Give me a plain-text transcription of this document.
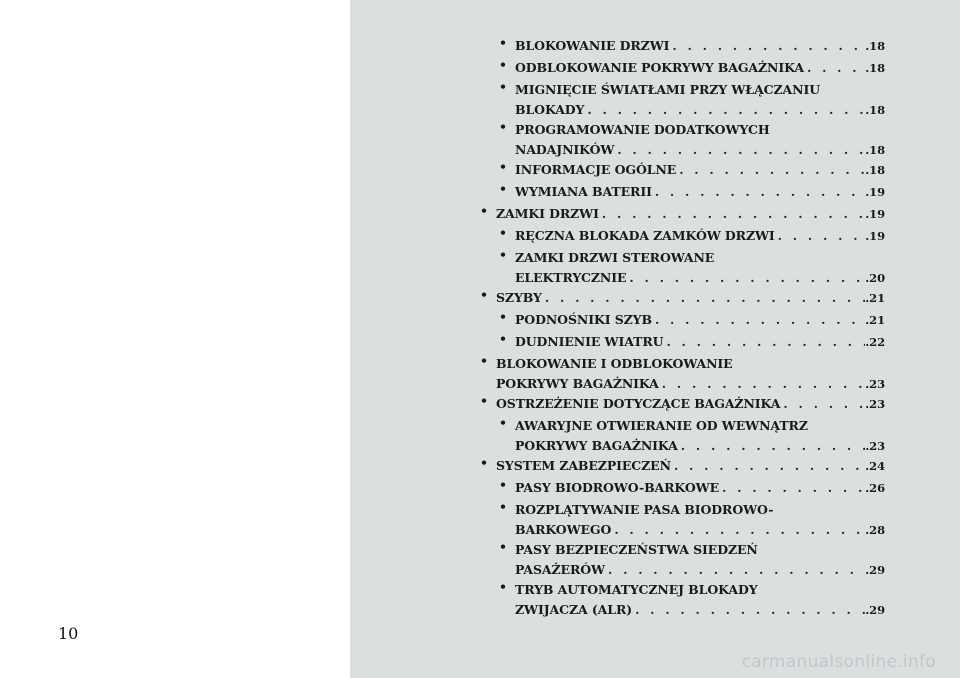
10
• BLOKOWANIE DRZWI . . .	.18
• ODBLOKOWANIE POKRYWY BAGAŻNIKA . . .	.18
• MIGNIĘCIE ŚWIATŁAMI PRZY WŁĄCZANIU
BLOKADY . . .	.18
• PROGRAMOWANIE DODATKOWYCH
NADAJNIKÓW . . .	.18
• INFORMACJE OGÓLNE . . .	.18
• WYMIANA BATERII . . .	.19
• ZAMKI DRZWI . . .	.19
• RĘCZNA BLOKADA ZAMKÓW DRZWI . . .	.19
• ZAMKI DRZWI STEROWANE
ELEKTRYCZNIE . . .	.20
• SZYBY . . .	.21
• PODNOŚNIKI SZYB . . .	.21
• DUDNIENIE WIATRU . . .	.22
• BLOKOWANIE I ODBLOKOWANIE
POKRYWY BAGAŻNIKA . . .	.23
• OSTRZEŻENIE DOTYCZĄCE BAGAŻNIKA . . .	.23
• AWARYJNE OTWIERANIE OD WEWNĄTRZ
POKRYWY BAGAŻNIKA . . .	.23
• SYSTEM ZABEZPIECZEŃ . . .	.24
• PASY BIODROWO-BARKOWE . . .	.26
• ROZPLĄTYWANIE PASA BIODROWO-
BARKOWEGO . . .	.28
• PASY BEZPIECZEŃSTWA SIEDZEŃ
PASAŻERÓW . . .	.29
• TRYB AUTOMATYCZNEJ BLOKADY
ZWIJACZA (ALR) . . .	.29
carmanualsonline.info
